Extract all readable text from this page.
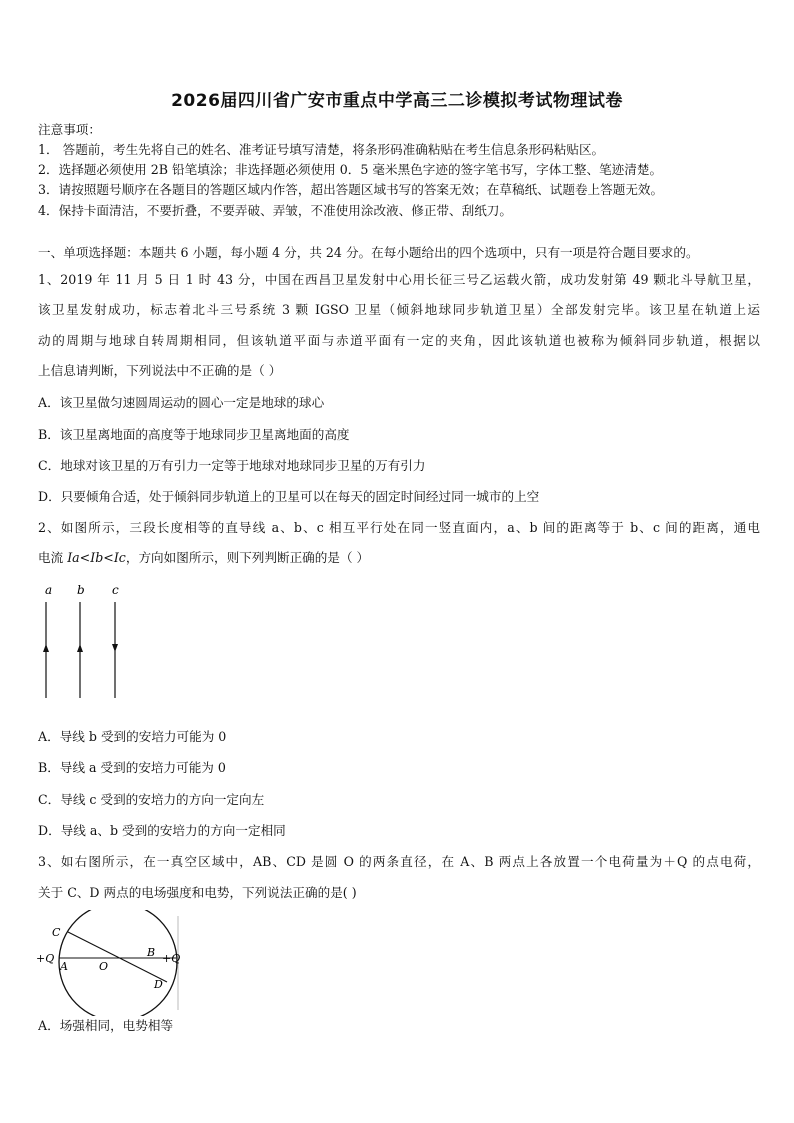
2026届四川省广安市重点中学高三二诊模拟考试物理试卷
注意事项：
1． 答题前，考生先将自己的姓名、准考证号填写清楚，将条形码准确粘贴在考生信息条形码粘贴区。
2．选择题必须使用 2B 铅笔填涂；非选择题必须使用 0．5 毫米黑色字迹的签字笔书写，字体工整、笔迹清楚。
3．请按照题号顺序在各题目的答题区域内作答，超出答题区域书写的答案无效；在草稿纸、试题卷上答题无效。
4．保持卡面清洁，不要折叠，不要弄破、弄皱，不准使用涂改液、修正带、刮纸刀。
一、单项选择题：本题共 6 小题，每小题 4 分，共 24 分。在每小题给出的四个选项中，只有一项是符合题目要求的。
1、2019 年 11 月 5 日 1 时 43 分，中国在西昌卫星发射中心用长征三号乙运载火箭，成功发射第 49 颗北斗导航卫星，
该卫星发射成功，标志着北斗三号系统 3 颗 IGSO 卫星（倾斜地球同步轨道卫星）全部发射完毕。该卫星在轨道上运
动的周期与地球自转周期相同，但该轨道平面与赤道平面有一定的夹角，因此该轨道也被称为倾斜同步轨道，根据以
上信息请判断，下列说法中不正确的是（ ）
A．该卫星做匀速圆周运动的圆心一定是地球的球心
B．该卫星离地面的高度等于地球同步卫星离地面的高度
C．地球对该卫星的万有引力一定等于地球对地球同步卫星的万有引力
D．只要倾角合适，处于倾斜同步轨道上的卫星可以在每天的固定时间经过同一城市的上空
2、如图所示，三段长度相等的直导线 a、b、c 相互平行处在同一竖直面内，a、b 间的距离等于 b、c 间的距离，通电
电流 Ia<Ib<Ic，方向如图所示，则下列判断正确的是（ ）
a b c
A．导线 b 受到的安培力可能为 0
B．导线 a 受到的安培力可能为 0
C．导线 c 受到的安培力的方向一定向左
D．导线 a、b 受到的安培力的方向一定相同
3、如右图所示，在一真空区域中，AB、CD 是圆 O 的两条直径，在 A、B 两点上各放置一个电荷量为＋Q 的点电荷，
关于 C、D 两点的电场强度和电势，下列说法正确的是( )
C
+Q
A	O
B +Q
D
A．场强相同，电势相等
